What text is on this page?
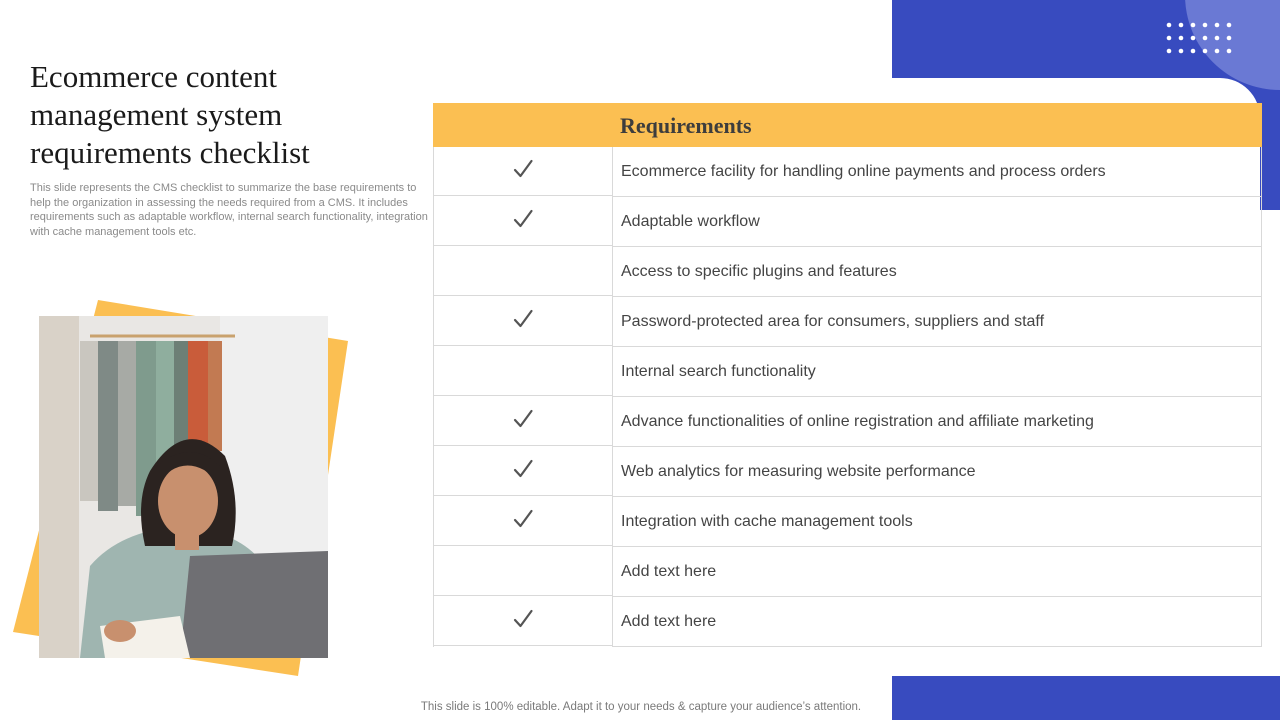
Ecommerce content management system requirements checklist

This slide represents the CMS checklist to summarize the base requirements to help the organization in assessing the needs required from a CMS. It includes requirements such as adaptable workflow, internal search functionality, integration with cache management tools etc.

Requirements
Ecommerce facility for handling online payments and process orders
Adaptable workflow
Access to specific plugins and features
Password-protected area for consumers, suppliers and staff
Internal search functionality
Advance functionalities of online registration and affiliate marketing
Web analytics for measuring website performance
Integration with cache management tools
Add text here
Add text here
This slide is 100% editable. Adapt it to your needs & capture your audience’s attention.
